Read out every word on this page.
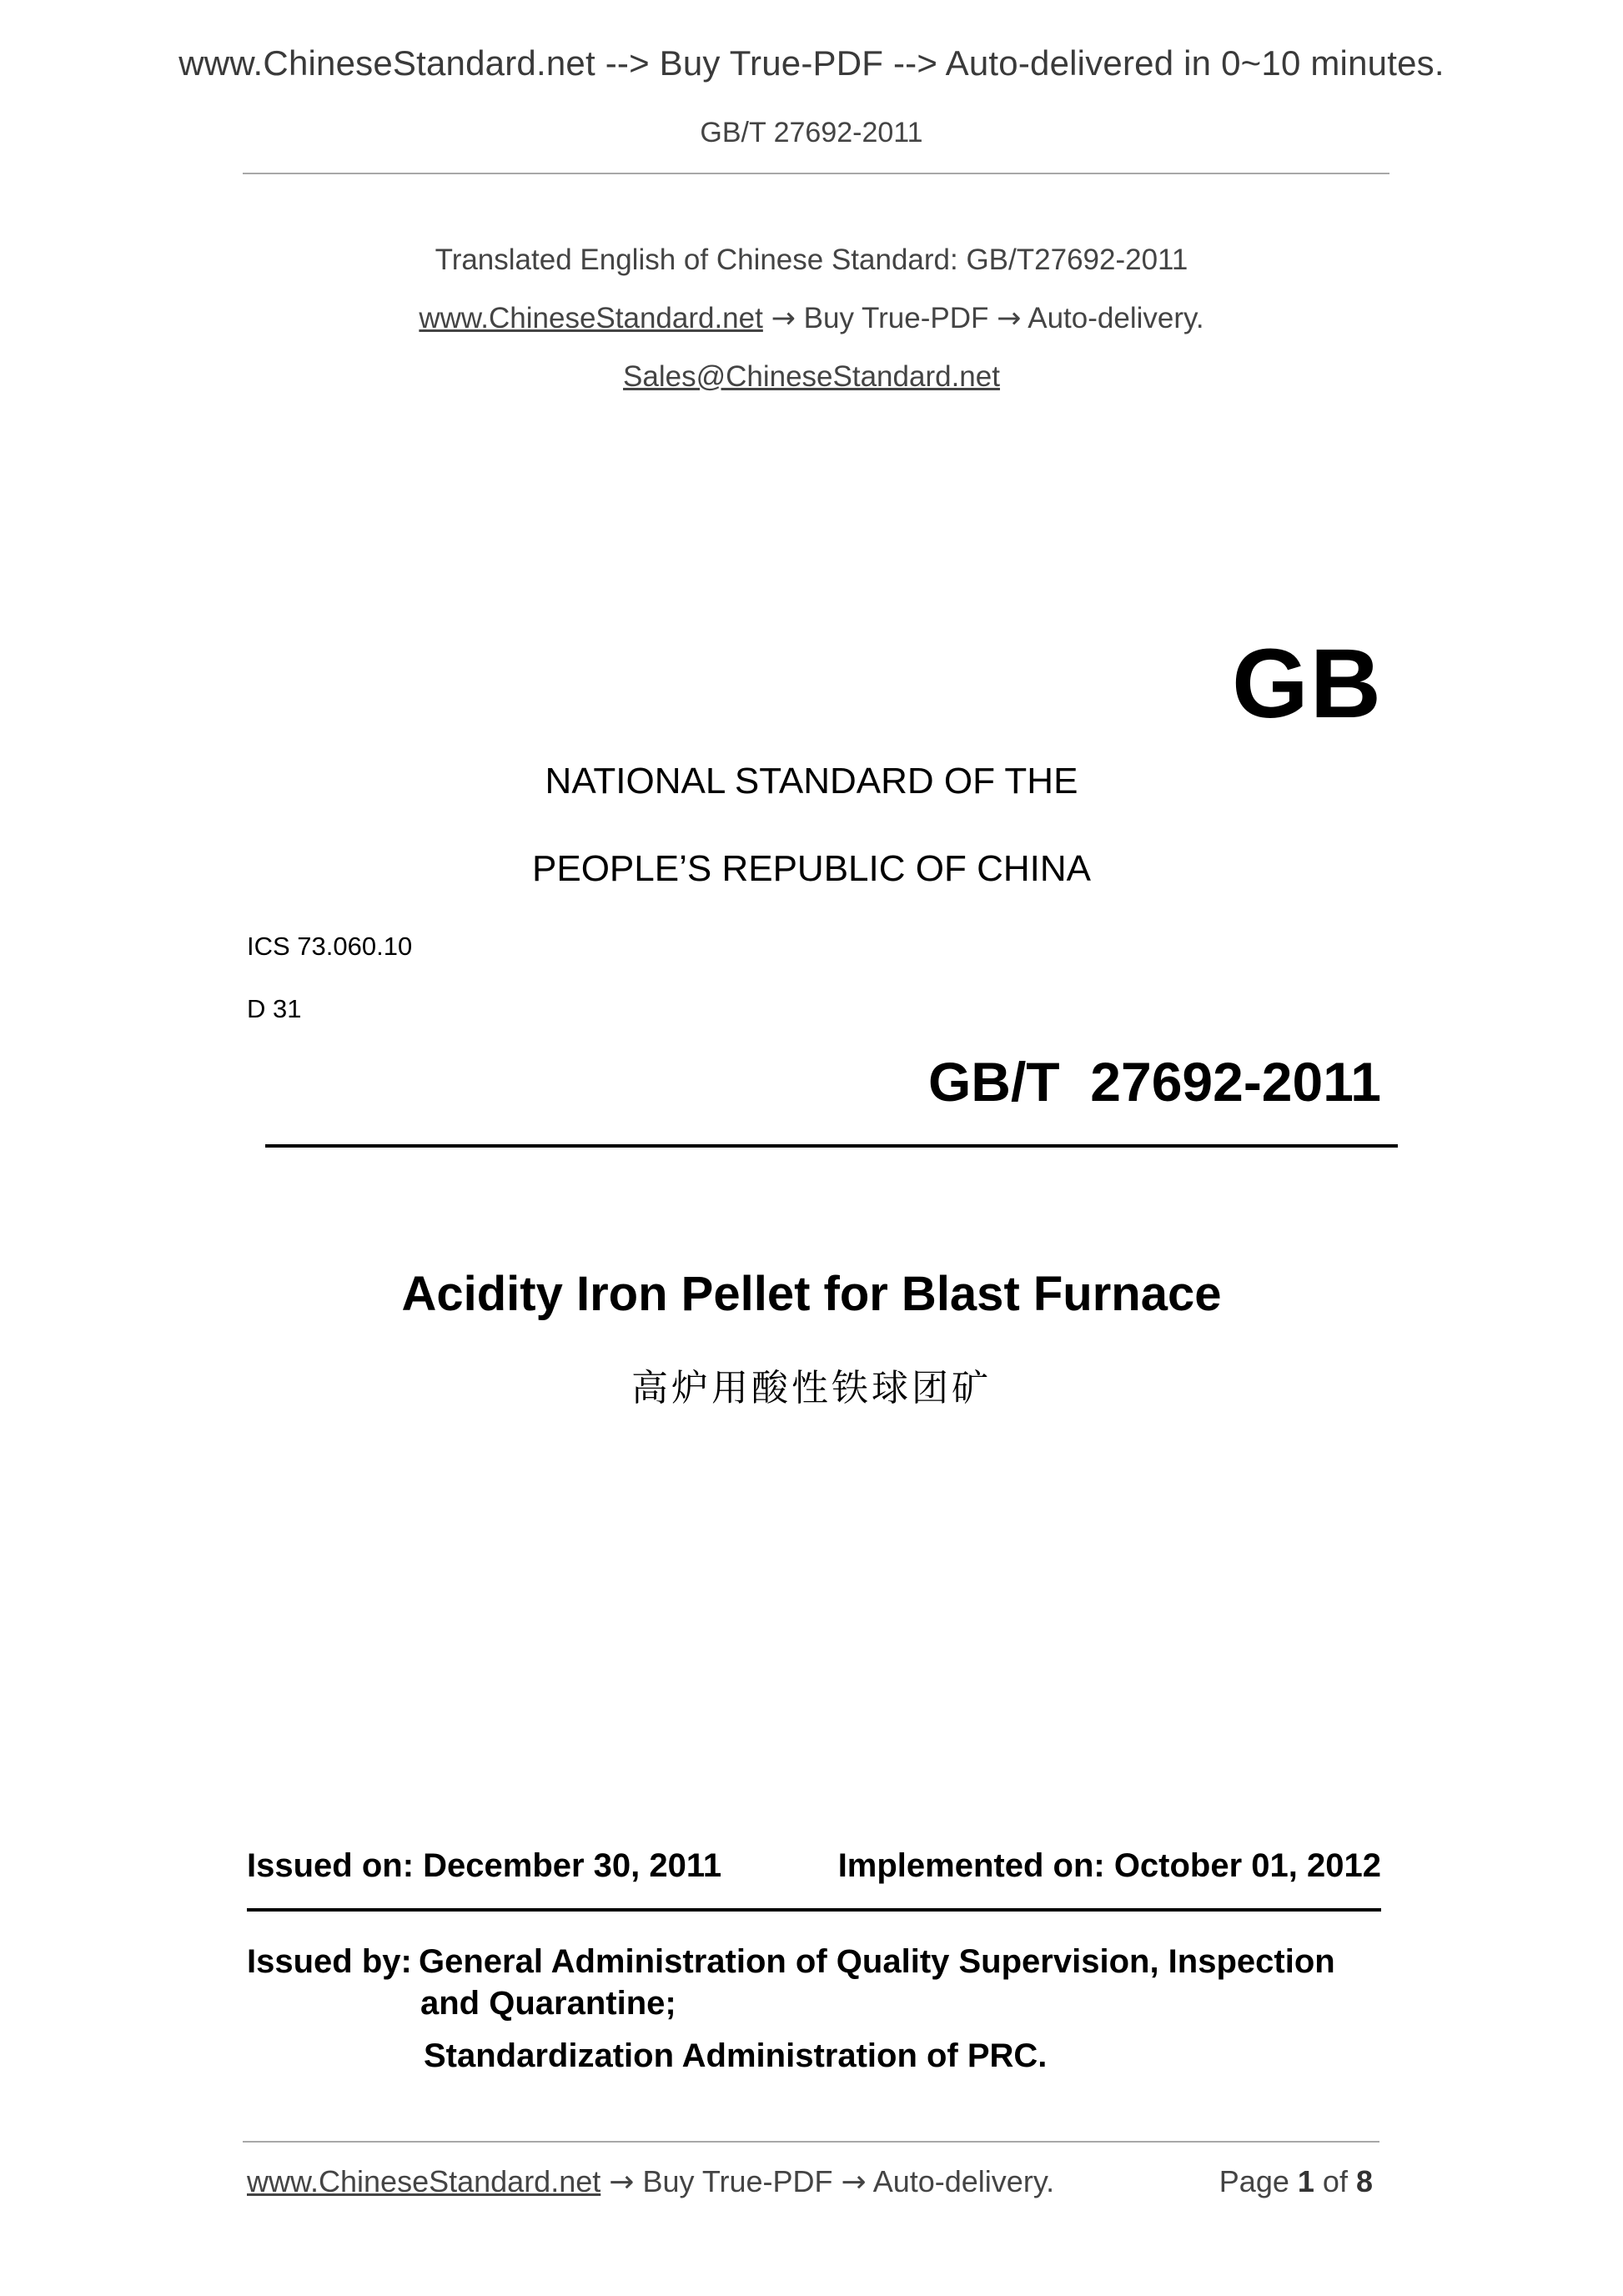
www.ChineseStandard.net --> Buy True-PDF --> Auto-delivered in 0~10 minutes.
GB/T 27692-2011
Translated English of Chinese Standard: GB/T27692-2011
www.ChineseStandard.net → Buy True-PDF → Auto-delivery.
Sales@ChineseStandard.net
GB
NATIONAL STANDARD OF THE
PEOPLE’S REPUBLIC OF CHINA
ICS 73.060.10
D 31
GB/T  27692-2011
Acidity Iron Pellet for Blast Furnace
高炉用酸性铁球团矿
Issued on: December 30, 2011	Implemented on: October 01, 2012
Issued by: General Administration of Quality Supervision, Inspection
and Quarantine;
Standardization Administration of PRC.
www.ChineseStandard.net → Buy True-PDF → Auto-delivery.	Page 1 of 8
